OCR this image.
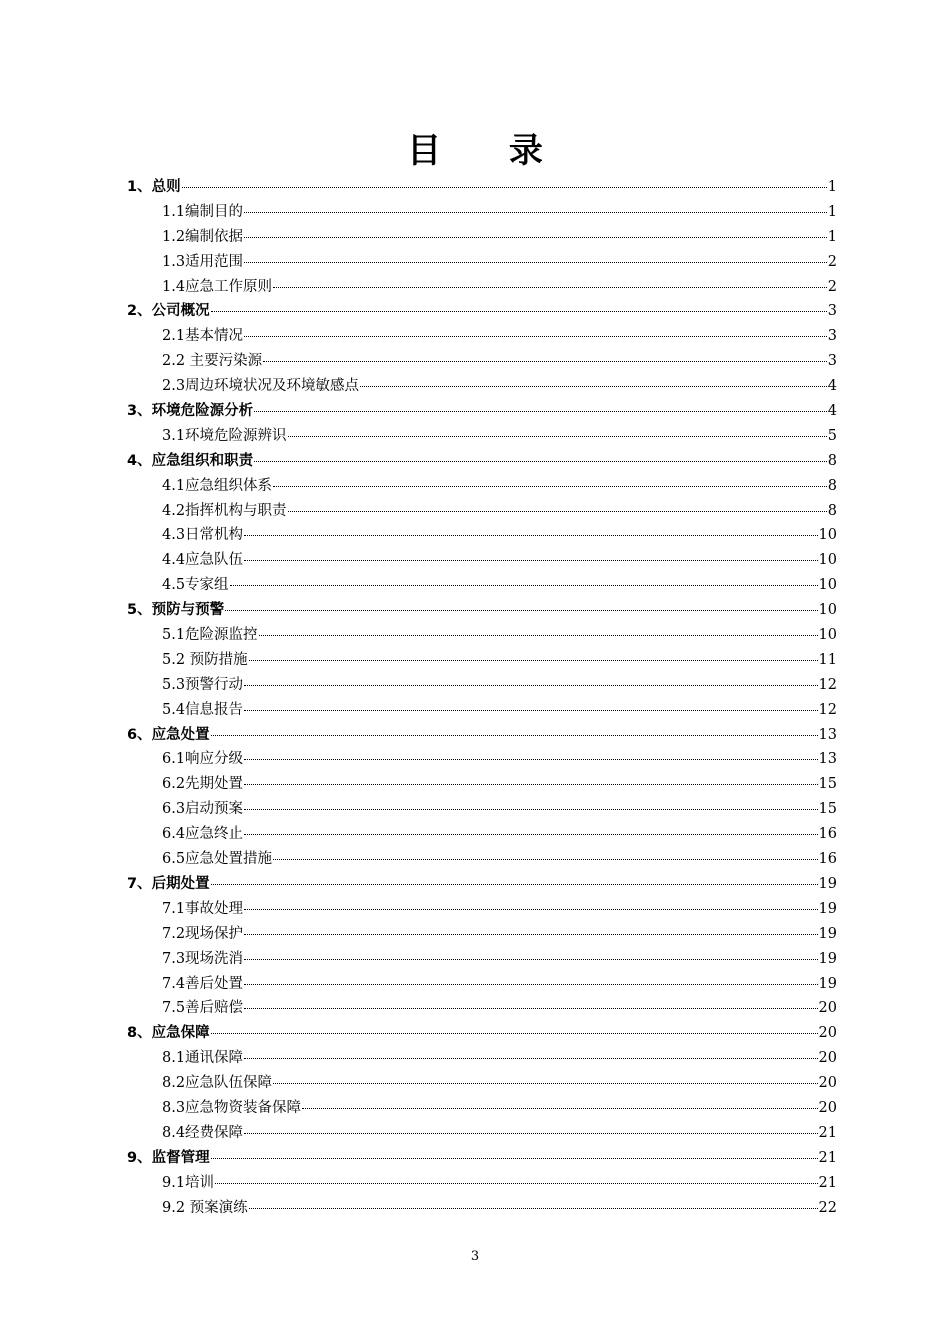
目 录
1、总则	1
1.1编制目的	1
1.2编制依据	1
1.3适用范围	2
1.4应急工作原则	2
2、公司概况	3
2.1基本情况	3
2.2 主要污染源	3
2.3周边环境状况及环境敏感点	4
3、环境危险源分析	4
3.1环境危险源辨识	5
4、应急组织和职责	8
4.1应急组织体系	8
4.2指挥机构与职责	8
4.3日常机构	10
4.4应急队伍	10
4.5专家组	10
5、预防与预警	10
5.1危险源监控	10
5.2 预防措施	11
5.3预警行动	12
5.4信息报告	12
6、应急处置	13
6.1响应分级	13
6.2先期处置	15
6.3启动预案	15
6.4应急终止	16
6.5应急处置措施	16
7、后期处置	19
7.1事故处理	19
7.2现场保护	19
7.3现场洗消	19
7.4善后处置	19
7.5善后赔偿	20
8、应急保障	20
8.1通讯保障	20
8.2应急队伍保障	20
8.3应急物资装备保障	20
8.4经费保障	21
9、监督管理	21
9.1培训	21
9.2 预案演练	22
3
